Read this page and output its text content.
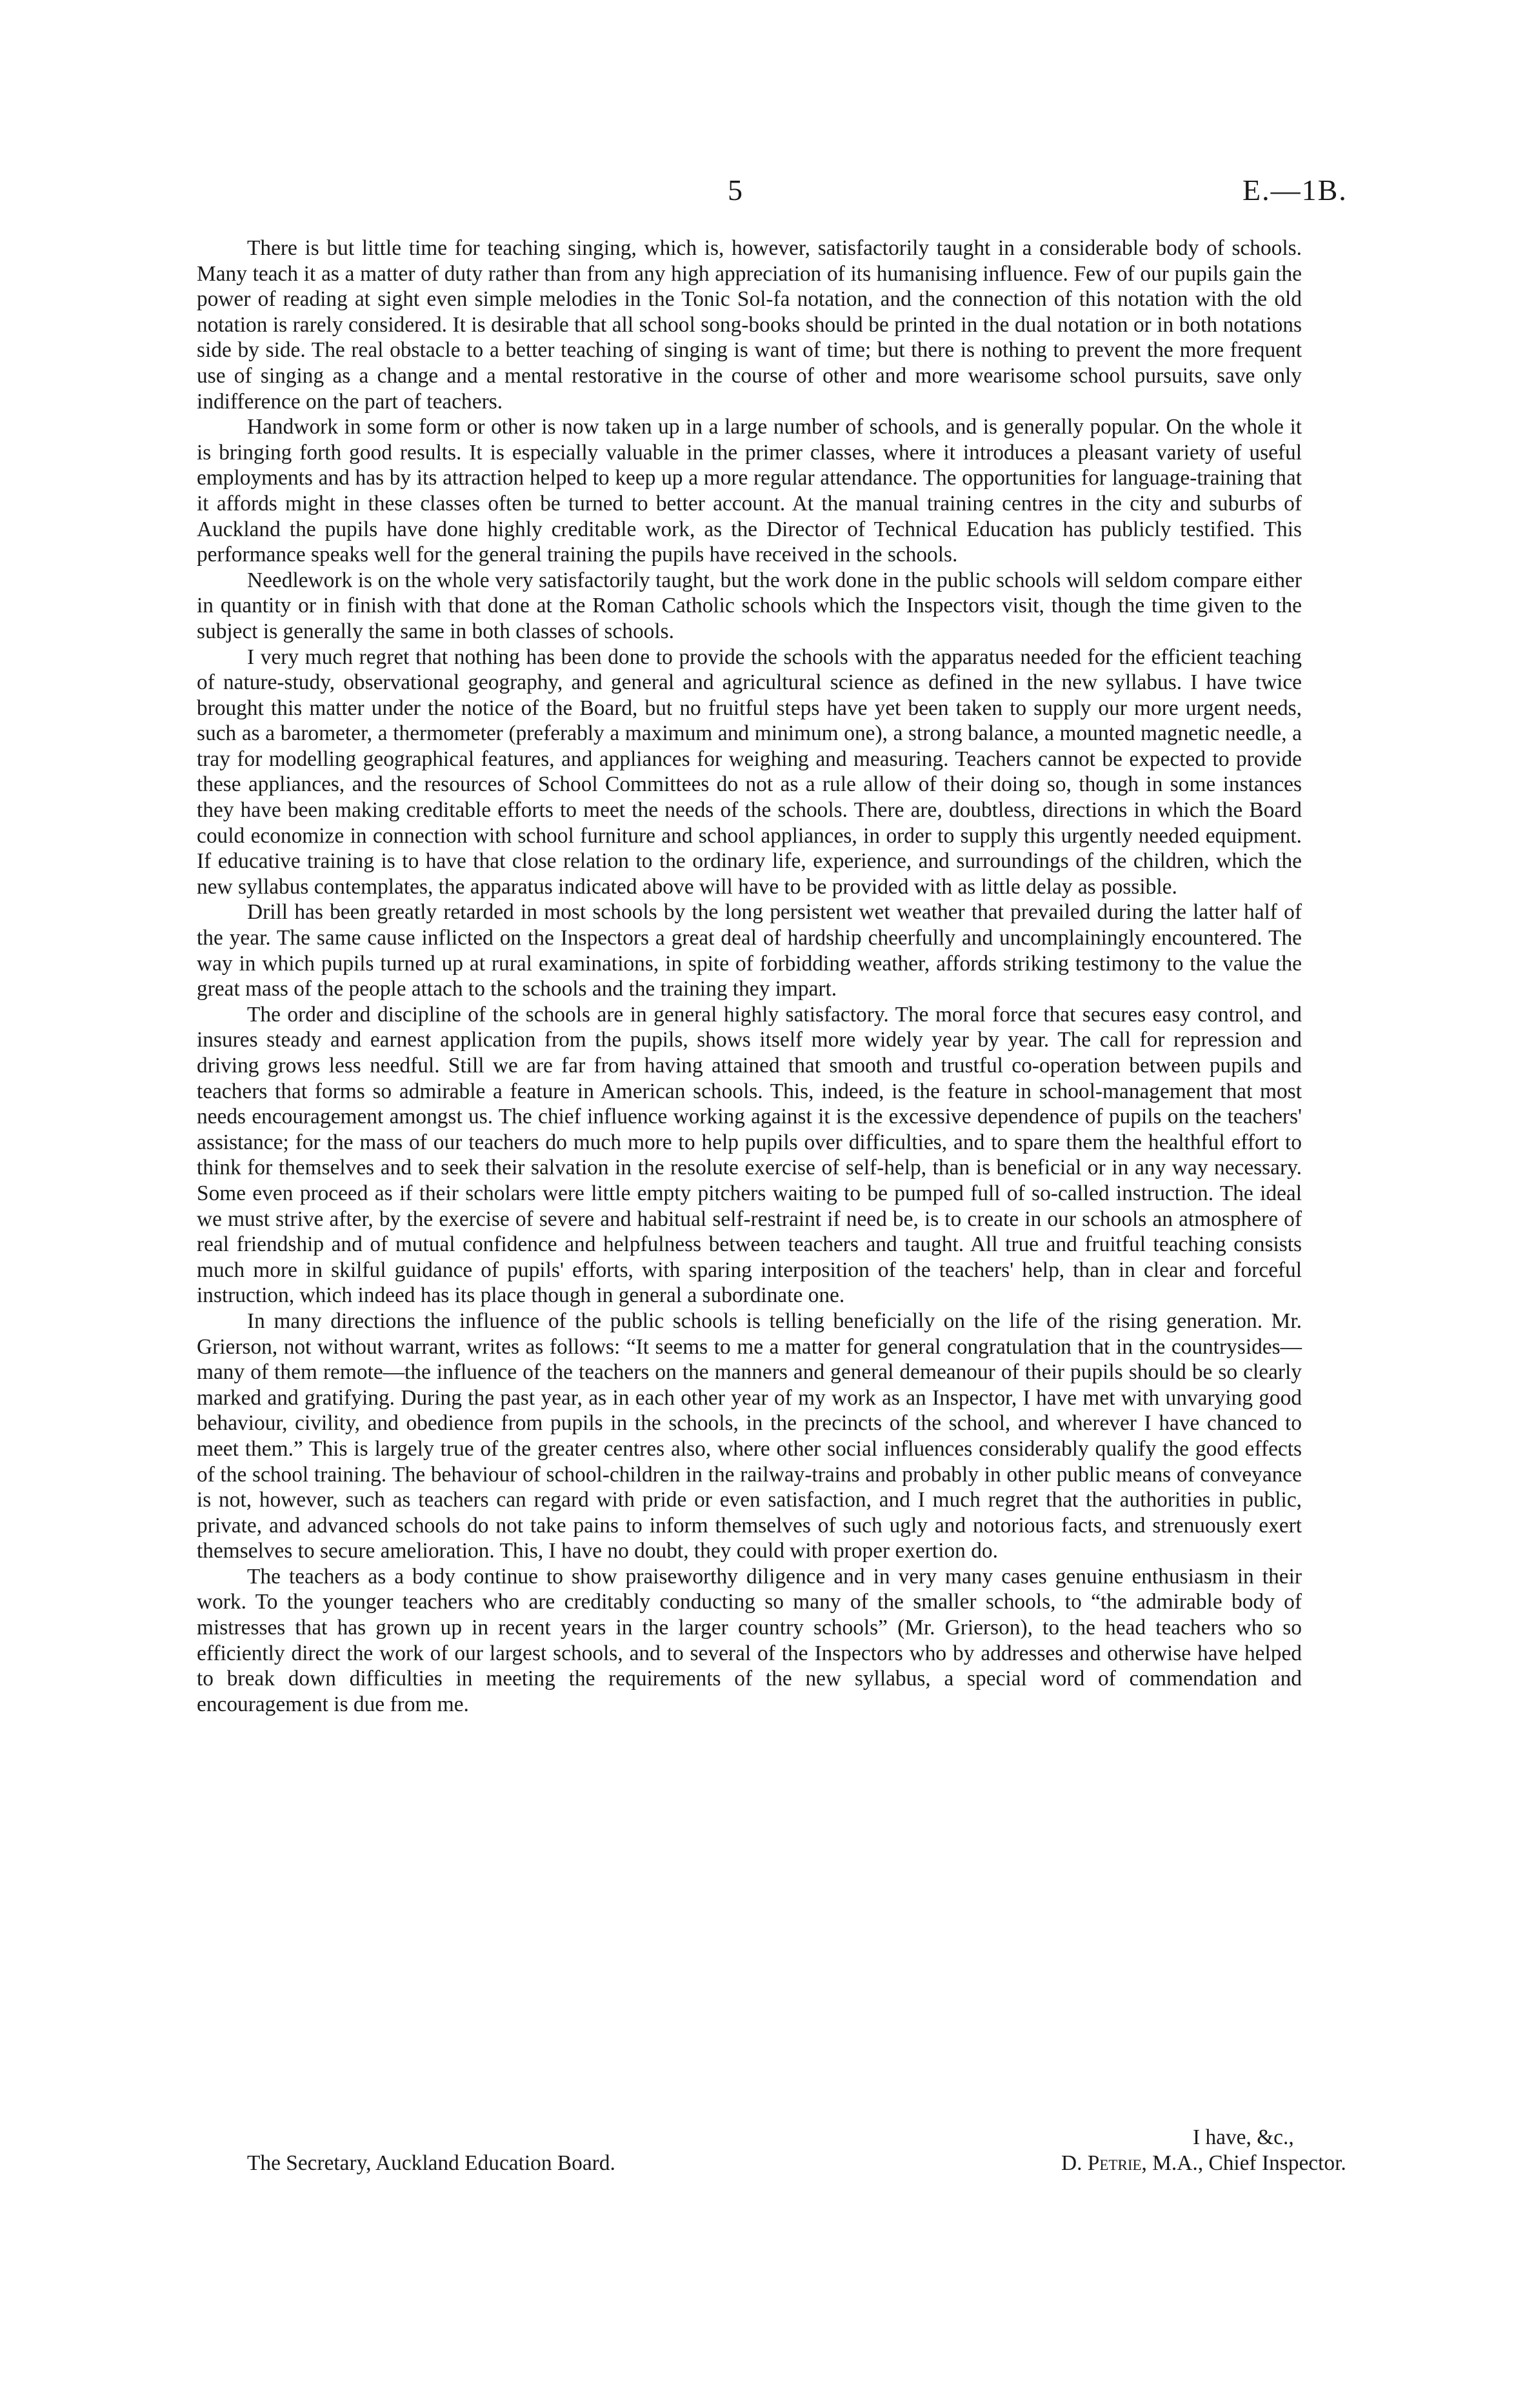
5	E.—1B.

There is but little time for teaching singing, which is, however, satisfactorily taught in a considerable body of schools. Many teach it as a matter of duty rather than from any high appreciation of its humanising influence. Few of our pupils gain the power of reading at sight even simple melodies in the Tonic Sol-fa notation, and the connection of this notation with the old notation is rarely considered. It is desirable that all school song-books should be printed in the dual notation or in both notations side by side. The real obstacle to a better teaching of singing is want of time; but there is nothing to prevent the more frequent use of singing as a change and a mental restorative in the course of other and more wearisome school pursuits, save only indifference on the part of teachers.

Handwork in some form or other is now taken up in a large number of schools, and is generally popular. On the whole it is bringing forth good results. It is especially valuable in the primer classes, where it introduces a pleasant variety of useful employments and has by its attraction helped to keep up a more regular attendance. The opportunities for language-training that it affords might in these classes often be turned to better account. At the manual training centres in the city and suburbs of Auckland the pupils have done highly creditable work, as the Director of Technical Education has publicly testified. This performance speaks well for the general training the pupils have received in the schools.

Needlework is on the whole very satisfactorily taught, but the work done in the public schools will seldom compare either in quantity or in finish with that done at the Roman Catholic schools which the Inspectors visit, though the time given to the subject is generally the same in both classes of schools.

I very much regret that nothing has been done to provide the schools with the apparatus needed for the efficient teaching of nature-study, observational geography, and general and agricultural science as defined in the new syllabus. I have twice brought this matter under the notice of the Board, but no fruitful steps have yet been taken to supply our more urgent needs, such as a barometer, a thermometer (preferably a maximum and minimum one), a strong balance, a mounted magnetic needle, a tray for modelling geographical features, and appliances for weighing and measuring. Teachers cannot be expected to provide these appliances, and the resources of School Committees do not as a rule allow of their doing so, though in some instances they have been making creditable efforts to meet the needs of the schools. There are, doubtless, directions in which the Board could economize in connection with school furniture and school appliances, in order to supply this urgently needed equipment. If educative training is to have that close relation to the ordinary life, experience, and surroundings of the children, which the new syllabus contemplates, the apparatus indicated above will have to be provided with as little delay as possible.

Drill has been greatly retarded in most schools by the long persistent wet weather that prevailed during the latter half of the year. The same cause inflicted on the Inspectors a great deal of hardship cheerfully and uncomplainingly encountered. The way in which pupils turned up at rural examinations, in spite of forbidding weather, affords striking testimony to the value the great mass of the people attach to the schools and the training they impart.

The order and discipline of the schools are in general highly satisfactory. The moral force that secures easy control, and insures steady and earnest application from the pupils, shows itself more widely year by year. The call for repression and driving grows less needful. Still we are far from having attained that smooth and trustful co-operation between pupils and teachers that forms so admirable a feature in American schools. This, indeed, is the feature in school-management that most needs encouragement amongst us. The chief influence working against it is the excessive dependence of pupils on the teachers' assistance; for the mass of our teachers do much more to help pupils over difficulties, and to spare them the healthful effort to think for themselves and to seek their salvation in the resolute exercise of self-help, than is beneficial or in any way necessary. Some even proceed as if their scholars were little empty pitchers waiting to be pumped full of so-called instruction. The ideal we must strive after, by the exercise of severe and habitual self-restraint if need be, is to create in our schools an atmosphere of real friendship and of mutual confidence and helpfulness between teachers and taught. All true and fruitful teaching consists much more in skilful guidance of pupils' efforts, with sparing interposition of the teachers' help, than in clear and forceful instruction, which indeed has its place though in general a subordinate one.

In many directions the influence of the public schools is telling beneficially on the life of the rising generation. Mr. Grierson, not without warrant, writes as follows: “It seems to me a matter for general congratulation that in the countrysides—many of them remote—the influence of the teachers on the manners and general demeanour of their pupils should be so clearly marked and gratifying. During the past year, as in each other year of my work as an Inspector, I have met with unvarying good behaviour, civility, and obedience from pupils in the schools, in the precincts of the school, and wherever I have chanced to meet them.” This is largely true of the greater centres also, where other social influences considerably qualify the good effects of the school training. The behaviour of school-children in the railway-trains and probably in other public means of conveyance is not, however, such as teachers can regard with pride or even satisfaction, and I much regret that the authorities in public, private, and advanced schools do not take pains to inform themselves of such ugly and notorious facts, and strenuously exert themselves to secure amelioration. This, I have no doubt, they could with proper exertion do.

The teachers as a body continue to show praiseworthy diligence and in very many cases genuine enthusiasm in their work. To the younger teachers who are creditably conducting so many of the smaller schools, to “the admirable body of mistresses that has grown up in recent years in the larger country schools” (Mr. Grierson), to the head teachers who so efficiently direct the work of our largest schools, and to several of the Inspectors who by addresses and otherwise have helped to break down difficulties in meeting the requirements of the new syllabus, a special word of commendation and encouragement is due from me.

I have, &c.,
The Secretary, Auckland Education Board.	D. Petrie, M.A., Chief Inspector.
